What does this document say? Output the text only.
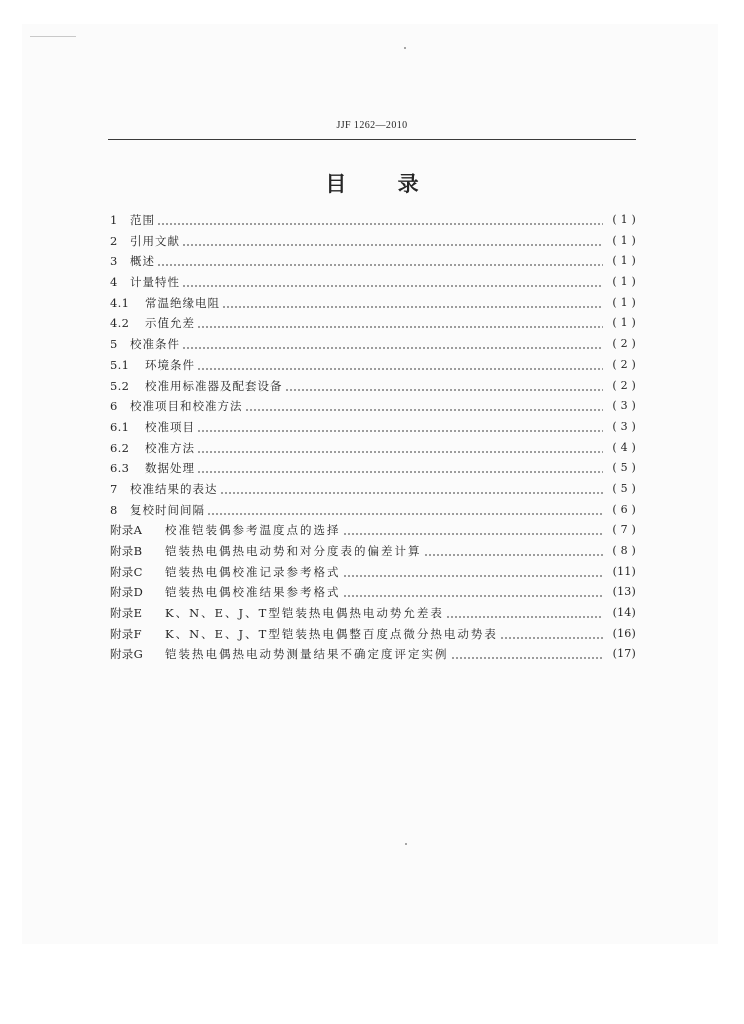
JJF 1262—2010
目 录
1	范围	( 1 )
2	引用文献	( 1 )
3	概述	( 1 )
4	计量特性	( 1 )
4.1	常温绝缘电阻	( 1 )
4.2	示值允差	( 1 )
5	校准条件	( 2 )
5.1	环境条件	( 2 )
5.2	校准用标准器及配套设备	( 2 )
6	校准项目和校准方法	( 3 )
6.1	校准项目	( 3 )
6.2	校准方法	( 4 )
6.3	数据处理	( 5 )
7	校准结果的表达	( 5 )
8	复校时间间隔	( 6 )
附录A	校准铠装偶参考温度点的选择	( 7 )
附录B	铠装热电偶热电动势和对分度表的偏差计算	( 8 )
附录C	铠装热电偶校准记录参考格式	(11)
附录D	铠装热电偶校准结果参考格式	(13)
附录E	K、N、E、J、T型铠装热电偶热电动势允差表	(14)
附录F	K、N、E、J、T型铠装热电偶整百度点微分热电动势表	(16)
附录G	铠装热电偶热电动势测量结果不确定度评定实例	(17)
